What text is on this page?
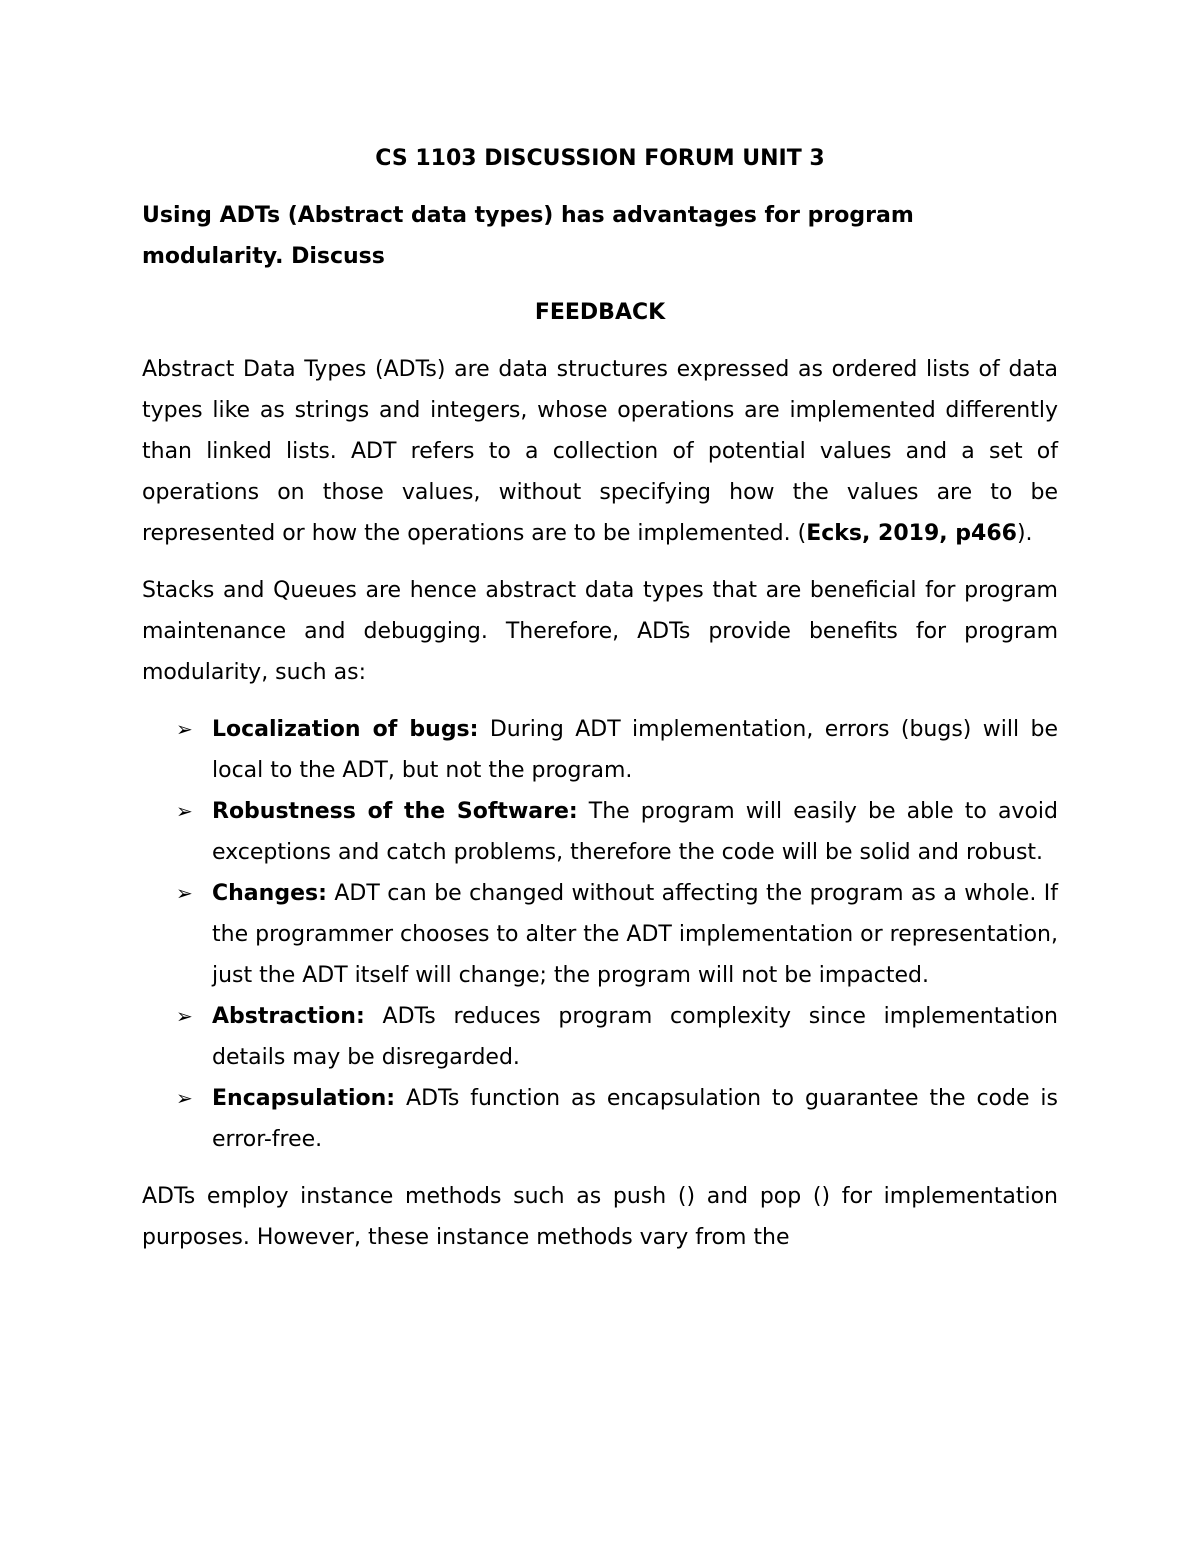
CS 1103 DISCUSSION FORUM UNIT 3
Using ADTs (Abstract data types) has advantages for program modularity. Discuss
FEEDBACK

Abstract Data Types (ADTs) are data structures expressed as ordered lists of data types like as strings and integers, whose operations are implemented differently than linked lists. ADT refers to a collection of potential values and a set of operations on those values, without specifying how the values are to be represented or how the operations are to be implemented. (Ecks, 2019, p466).

Stacks and Queues are hence abstract data types that are beneficial for program maintenance and debugging. Therefore, ADTs provide benefits for program modularity, such as:

➢ Localization of bugs: During ADT implementation, errors (bugs) will be local to the ADT, but not the program.
➢ Robustness of the Software: The program will easily be able to avoid exceptions and catch problems, therefore the code will be solid and robust.
➢ Changes: ADT can be changed without affecting the program as a whole. If the programmer chooses to alter the ADT implementation or representation, just the ADT itself will change; the program will not be impacted.
➢ Abstraction: ADTs reduces program complexity since implementation details may be disregarded.
➢ Encapsulation: ADTs function as encapsulation to guarantee the code is error-free.

ADTs employ instance methods such as push () and pop () for implementation purposes. However, these instance methods vary from the
